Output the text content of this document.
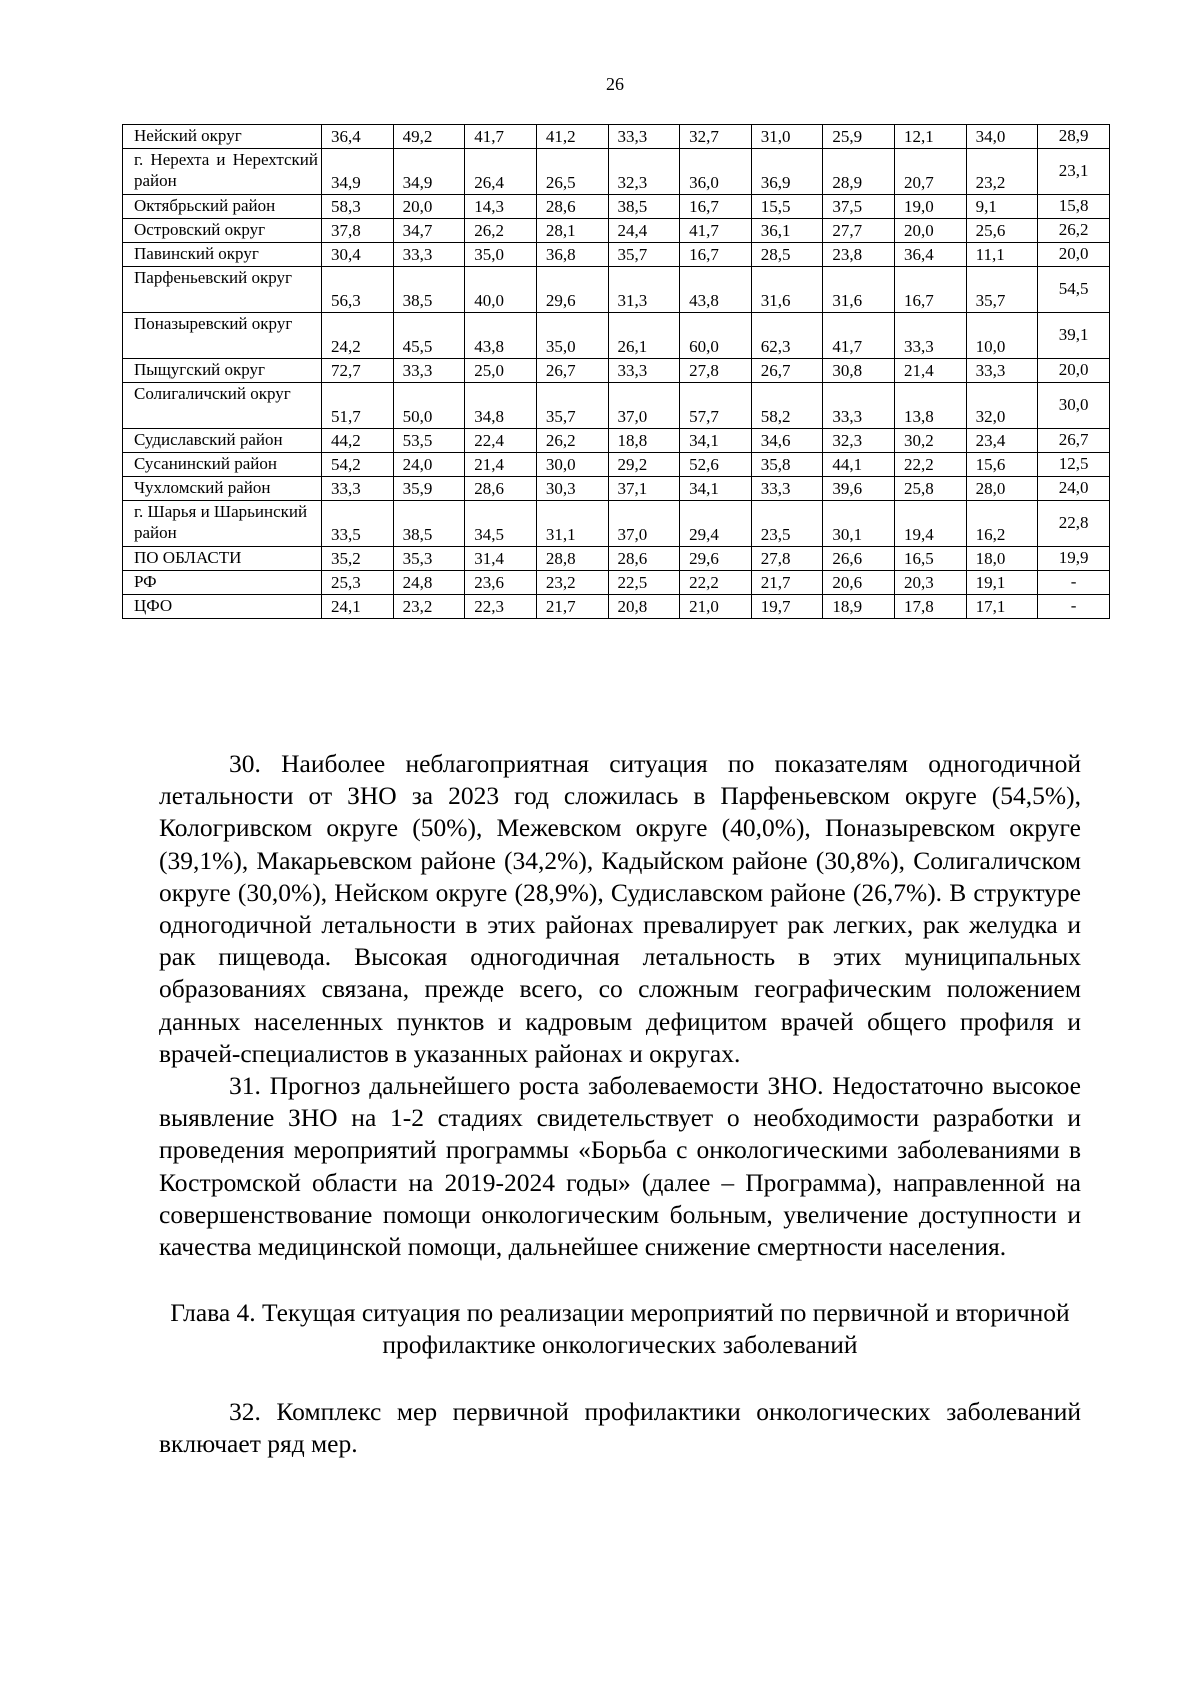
26
Нейский округ	36,4	49,2	41,7	41,2	33,3	32,7	31,0	25,9	12,1	34,0	28,9
г. Нерехта и Нерехтский район	34,9	34,9	26,4	26,5	32,3	36,0	36,9	28,9	20,7	23,2	23,1
Октябрьский район	58,3	20,0	14,3	28,6	38,5	16,7	15,5	37,5	19,0	9,1	15,8
Островский округ	37,8	34,7	26,2	28,1	24,4	41,7	36,1	27,7	20,0	25,6	26,2
Павинский округ	30,4	33,3	35,0	36,8	35,7	16,7	28,5	23,8	36,4	11,1	20,0
Парфеньевский округ	56,3	38,5	40,0	29,6	31,3	43,8	31,6	31,6	16,7	35,7	54,5
Поназыревский округ	24,2	45,5	43,8	35,0	26,1	60,0	62,3	41,7	33,3	10,0	39,1
Пыщугский округ	72,7	33,3	25,0	26,7	33,3	27,8	26,7	30,8	21,4	33,3	20,0
Солигаличский округ	51,7	50,0	34,8	35,7	37,0	57,7	58,2	33,3	13,8	32,0	30,0
Судиславский район	44,2	53,5	22,4	26,2	18,8	34,1	34,6	32,3	30,2	23,4	26,7
Сусанинский район	54,2	24,0	21,4	30,0	29,2	52,6	35,8	44,1	22,2	15,6	12,5
Чухломский район	33,3	35,9	28,6	30,3	37,1	34,1	33,3	39,6	25,8	28,0	24,0
г. Шарья и Шарьинский район	33,5	38,5	34,5	31,1	37,0	29,4	23,5	30,1	19,4	16,2	22,8
ПО ОБЛАСТИ	35,2	35,3	31,4	28,8	28,6	29,6	27,8	26,6	16,5	18,0	19,9
РФ	25,3	24,8	23,6	23,2	22,5	22,2	21,7	20,6	20,3	19,1	-
ЦФО	24,1	23,2	22,3	21,7	20,8	21,0	19,7	18,9	17,8	17,1	-

30. Наиболее неблагоприятная ситуация по показателям одногодичной летальности от ЗНО за 2023 год сложилась в Парфеньевском округе (54,5%), Кологривском округе (50%), Межевском округе (40,0%), Поназыревском округе (39,1%), Макарьевском районе (34,2%), Кадыйском районе (30,8%), Солигаличском округе (30,0%), Нейском округе (28,9%), Судиславском районе (26,7%). В структуре одногодичной летальности в этих районах превалирует рак легких, рак желудка и рак пищевода. Высокая одногодичная летальность в этих муниципальных образованиях связана, прежде всего, со сложным географическим положением данных населенных пунктов и кадровым дефицитом врачей общего профиля и врачей-специалистов в указанных районах и округах.

31. Прогноз дальнейшего роста заболеваемости ЗНО. Недостаточно высокое выявление ЗНО на 1-2 стадиях свидетельствует о необходимости разработки и проведения мероприятий программы «Борьба с онкологическими заболеваниями в Костромской области на 2019-2024 годы» (далее – Программа), направленной на совершенствование помощи онкологическим больным, увеличение доступности и качества медицинской помощи, дальнейшее снижение смертности населения.

Глава 4. Текущая ситуация по реализации мероприятий по первичной и вторичной профилактике онкологических заболеваний

32. Комплекс мер первичной профилактики онкологических заболеваний включает ряд мер.
